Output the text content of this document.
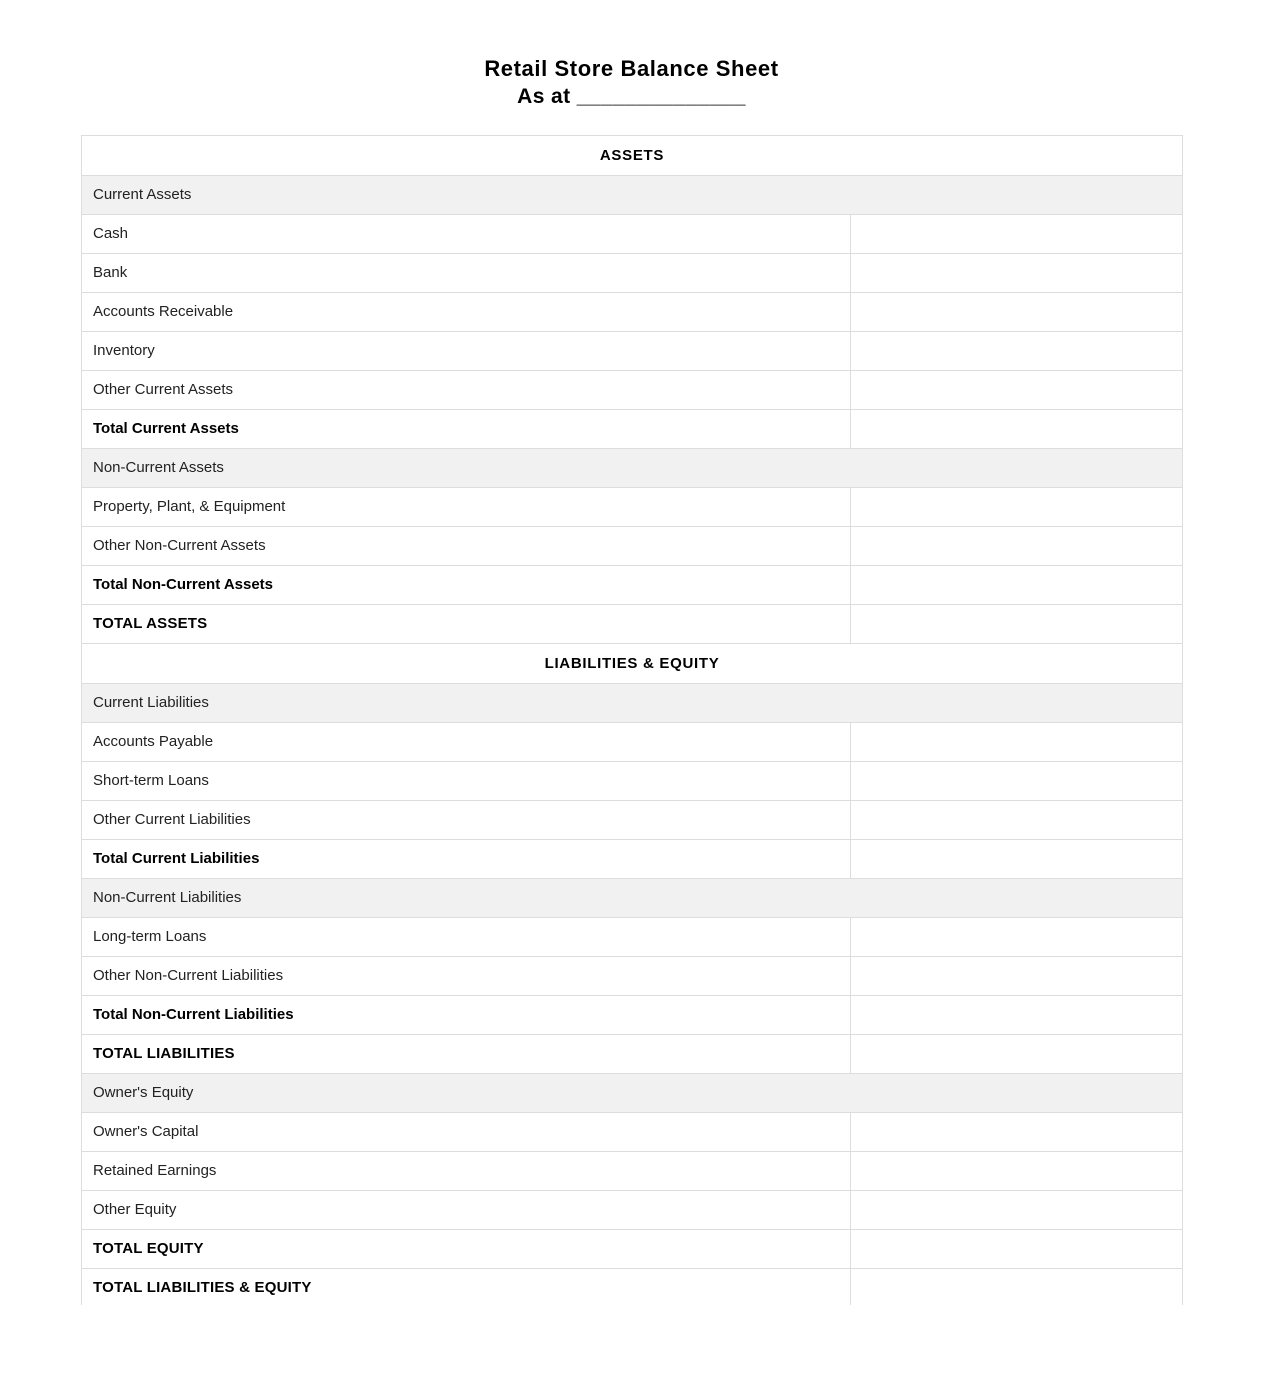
Retail Store Balance Sheet
As at ______________
ASSETS	
Current Assets	
Cash	
Bank	
Accounts Receivable	
Inventory	
Other Current Assets	
Total Current Assets	
Non-Current Assets	
Property, Plant, & Equipment	
Other Non-Current Assets	
Total Non-Current Assets	
TOTAL ASSETS	
LIABILITIES & EQUITY	
Current Liabilities	
Accounts Payable	
Short-term Loans	
Other Current Liabilities	
Total Current Liabilities	
Non-Current Liabilities	
Long-term Loans	
Other Non-Current Liabilities	
Total Non-Current Liabilities	
TOTAL LIABILITIES	
Owner's Equity	
Owner's Capital	
Retained Earnings	
Other Equity	
TOTAL EQUITY	
TOTAL LIABILITIES & EQUITY	
